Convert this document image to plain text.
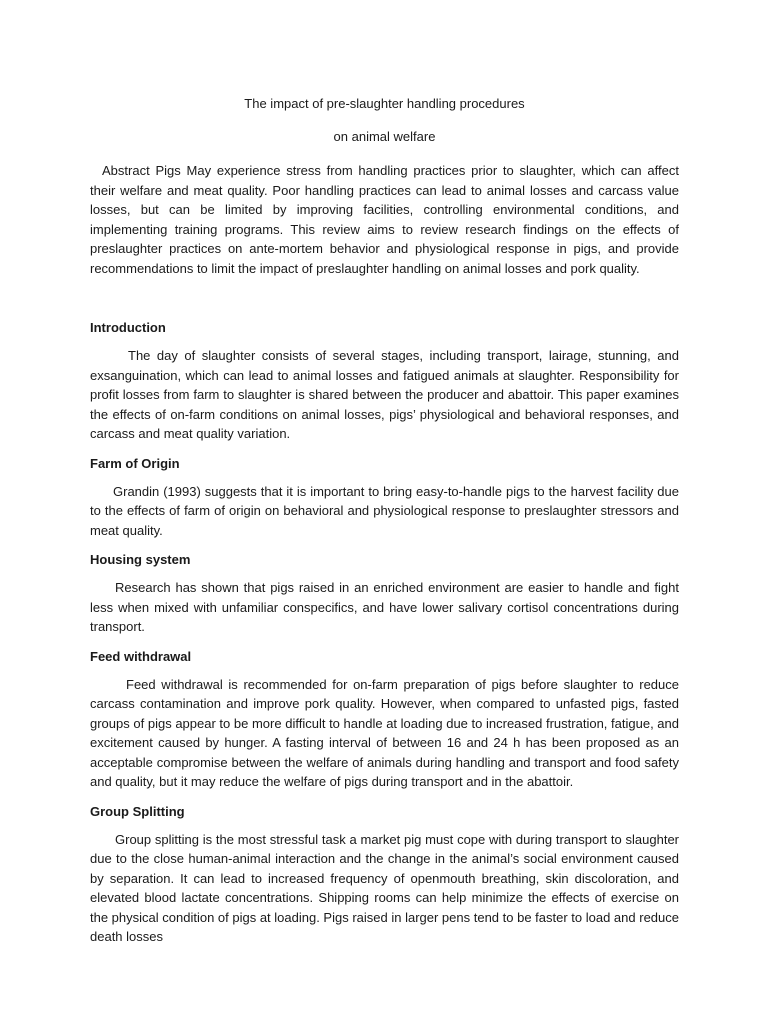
The impact of pre-slaughter handling procedures
on animal welfare

Abstract Pigs May experience stress from handling practices prior to slaughter, which can affect their welfare and meat quality. Poor handling practices can lead to animal losses and carcass value losses, but can be limited by improving facilities, controlling environmental conditions, and implementing training programs. This review aims to review research findings on the effects of preslaughter practices on ante-mortem behavior and physiological response in pigs, and provide recommendations to limit the impact of preslaughter handling on animal losses and pork quality.

Introduction

The day of slaughter consists of several stages, including transport, lairage, stunning, and exsanguination, which can lead to animal losses and fatigued animals at slaughter. Responsibility for profit losses from farm to slaughter is shared between the producer and abattoir. This paper examines the effects of on-farm conditions on animal losses, pigs’ physiological and behavioral responses, and carcass and meat quality variation.

Farm of Origin

Grandin (1993) suggests that it is important to bring easy-to-handle pigs to the harvest facility due to the effects of farm of origin on behavioral and physiological response to preslaughter stressors and meat quality.

Housing system

Research has shown that pigs raised in an enriched environment are easier to handle and fight less when mixed with unfamiliar conspecifics, and have lower salivary cortisol concentrations during transport.

Feed withdrawal

Feed withdrawal is recommended for on-farm preparation of pigs before slaughter to reduce carcass contamination and improve pork quality. However, when compared to unfasted pigs, fasted groups of pigs appear to be more difficult to handle at loading due to increased frustration, fatigue, and excitement caused by hunger. A fasting interval of between 16 and 24 h has been proposed as an acceptable compromise between the welfare of animals during handling and transport and food safety and quality, but it may reduce the welfare of pigs during transport and in the abattoir.

Group Splitting

Group splitting is the most stressful task a market pig must cope with during transport to slaughter due to the close human-animal interaction and the change in the animal’s social environment caused by separation. It can lead to increased frequency of openmouth breathing, skin discoloration, and elevated blood lactate concentrations. Shipping rooms can help minimize the effects of exercise on the physical condition of pigs at loading. Pigs raised in larger pens tend to be faster to load and reduce death losses
